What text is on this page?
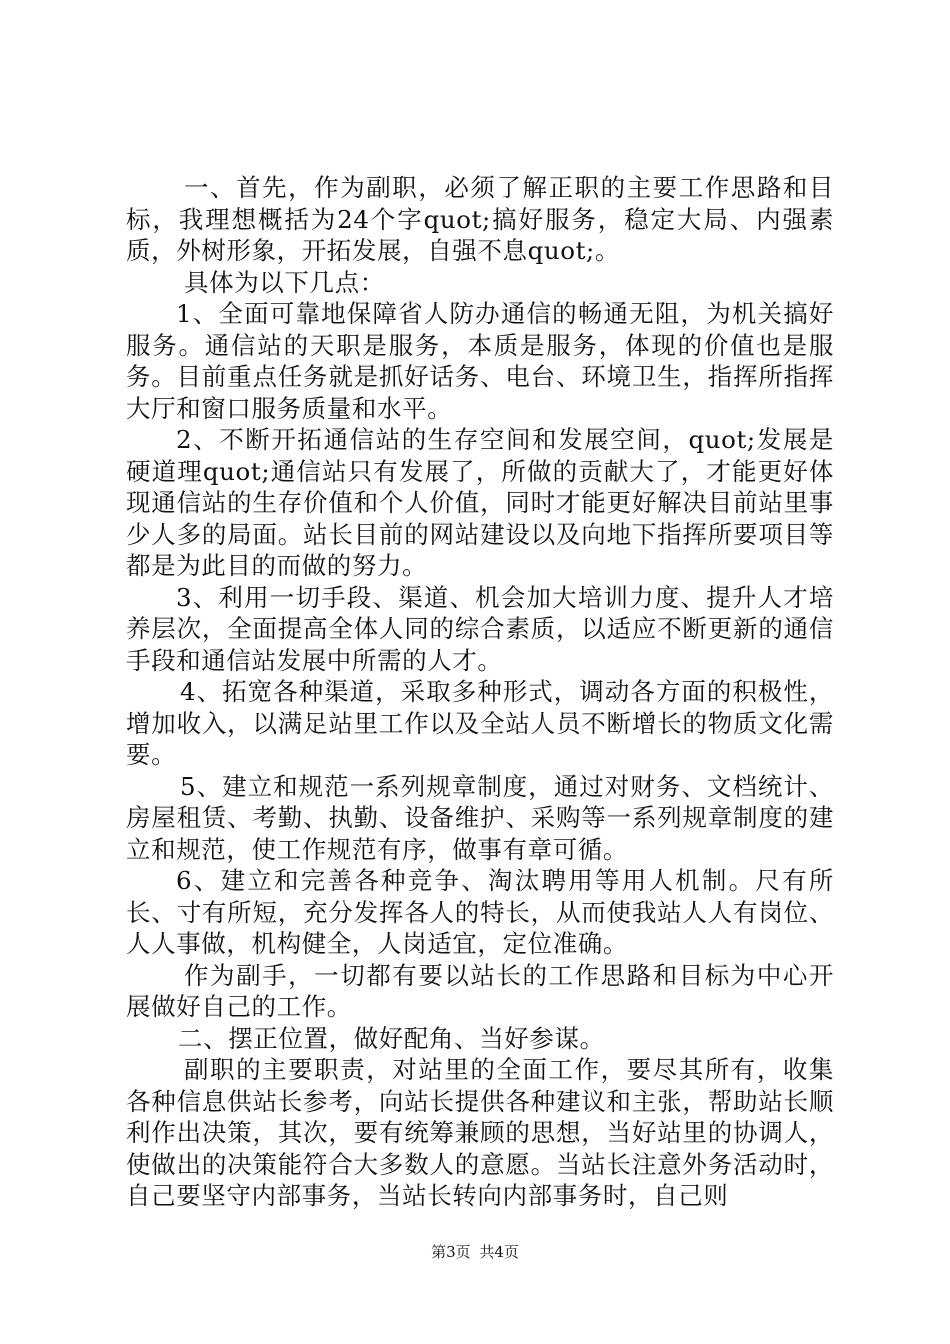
一、首先，作为副职，必须了解正职的主要工作思路和目标，我理想概括为24个字quot;搞好服务，稳定大局、内强素质，外树形象，开拓发展，自强不息quot;。

具体为以下几点：

1、全面可靠地保障省人防办通信的畅通无阻，为机关搞好服务。通信站的天职是服务，本质是服务，体现的价值也是服务。目前重点任务就是抓好话务、电台、环境卫生，指挥所指挥大厅和窗口服务质量和水平。

2、不断开拓通信站的生存空间和发展空间，quot;发展是硬道理quot;通信站只有发展了，所做的贡献大了，才能更好体现通信站的生存价值和个人价值，同时才能更好解决目前站里事少人多的局面。站长目前的网站建设以及向地下指挥所要项目等都是为此目的而做的努力。

3、利用一切手段、渠道、机会加大培训力度、提升人才培养层次，全面提高全体人同的综合素质，以适应不断更新的通信手段和通信站发展中所需的人才。

4、拓宽各种渠道，采取多种形式，调动各方面的积极性，增加收入，以满足站里工作以及全站人员不断增长的物质文化需要。

5、建立和规范一系列规章制度，通过对财务、文档统计、房屋租赁、考勤、执勤、设备维护、采购等一系列规章制度的建立和规范，使工作规范有序，做事有章可循。

6、建立和完善各种竞争、淘汰聘用等用人机制。尺有所长、寸有所短，充分发挥各人的特长，从而使我站人人有岗位、人人事做，机构健全，人岗适宜，定位准确。

作为副手，一切都有要以站长的工作思路和目标为中心开展做好自己的工作。

二、摆正位置，做好配角、当好参谋。

副职的主要职责，对站里的全面工作，要尽其所有，收集各种信息供站长参考，向站长提供各种建议和主张，帮助站长顺利作出决策，其次，要有统筹兼顾的思想，当好站里的协调人，使做出的决策能符合大多数人的意愿。当站长注意外务活动时，自己要坚守内部事务，当站长转向内部事务时，自己则

第3页 共4页
